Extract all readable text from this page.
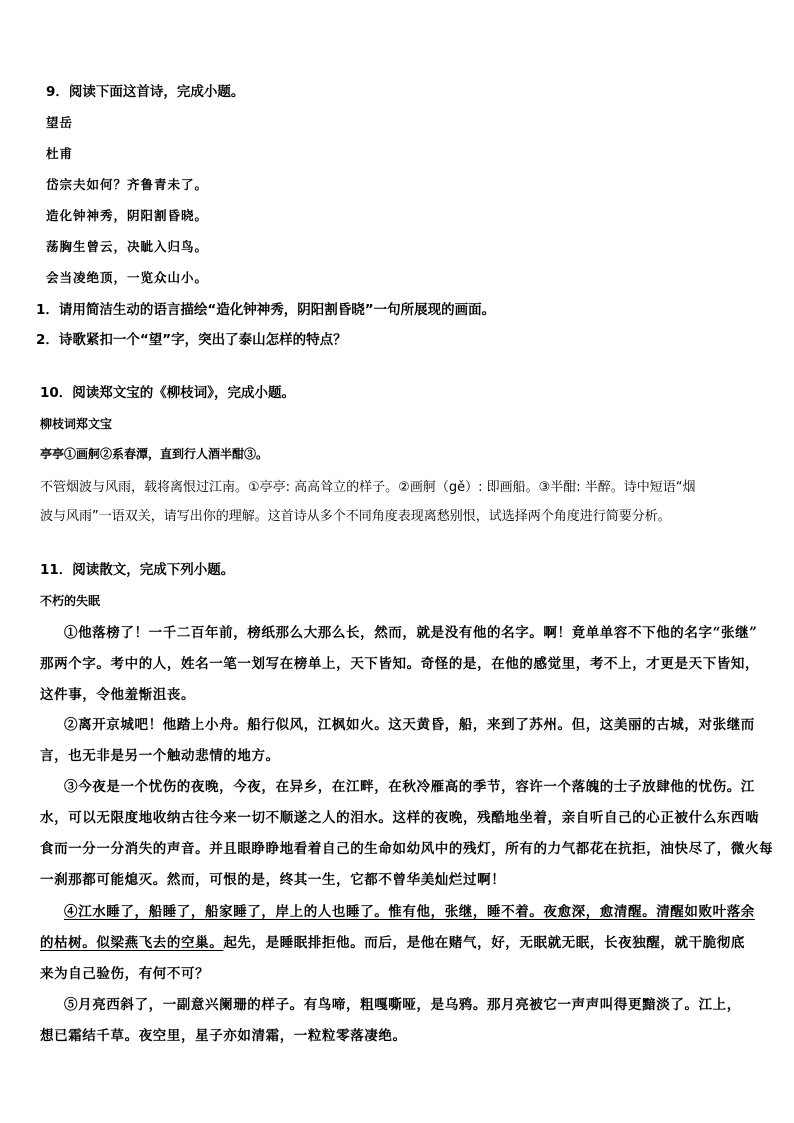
9．阅读下面这首诗，完成小题。
望岳
杜甫
岱宗夫如何？齐鲁青未了。
造化钟神秀，阴阳割昏晓。
荡胸生曾云，决眦入归鸟。
会当凌绝顶，一览众山小。
1．请用简洁生动的语言描绘“造化钟神秀，阴阳割昏晓”一句所展现的画面。
2．诗歌紧扣一个“望”字，突出了泰山怎样的特点？
10．阅读郑文宝的《柳枝词》，完成小题。
柳枝词郑文宝
亭亭①画舸②系春潭，直到行人酒半酣③。
不管烟波与风雨，载将离恨过江南。①亭亭: 高高耸立的样子。②画舸（gě）: 即画船。③半酣: 半醉。诗中短语“烟
波与风雨”一语双关，请写出你的理解。这首诗从多个不同角度表现离愁别恨，试选择两个角度进行简要分析。
11．阅读散文，完成下列小题。
不朽的失眠
①他落榜了！一千二百年前，榜纸那么大那么长，然而，就是没有他的名字。啊！竟单单容不下他的名字“张继”
那两个字。考中的人，姓名一笔一划写在榜单上，天下皆知。奇怪的是，在他的感觉里，考不上，才更是天下皆知，
这件事，令他羞惭沮丧。
②离开京城吧！他踏上小舟。船行似风，江枫如火。这天黄昏，船，来到了苏州。但，这美丽的古城，对张继而
言，也无非是另一个触动悲情的地方。
③今夜是一个忧伤的夜晚，今夜，在异乡，在江畔，在秋冷雁高的季节，容许一个落魄的士子放肆他的忧伤。江
水，可以无限度地收纳古往今来一切不顺遂之人的泪水。这样的夜晚，残酷地坐着，亲自听自己的心正被什么东西啮
食而一分一分消失的声音。并且眼睁睁地看着自己的生命如幼风中的残灯，所有的力气都花在抗拒，油快尽了，微火每
一刹那都可能熄灭。然而，可恨的是，终其一生，它都不曾华美灿烂过啊！
④江水睡了，船睡了，船家睡了，岸上的人也睡了。惟有他，张继，睡不着。夜愈深，愈清醒。清醒如败叶落余
的枯树。似梁燕飞去的空巢。起先，是睡眠排拒他。而后，是他在赌气，好，无眠就无眠，长夜独醒，就干脆彻底
来为自己验伤，有何不可？
⑤月亮西斜了，一副意兴阑珊的样子。有鸟啼，粗嘎嘶哑，是乌鸦。那月亮被它一声声叫得更黯淡了。江上，
想已霜结千草。夜空里，星子亦如清霜，一粒粒零落凄绝。
